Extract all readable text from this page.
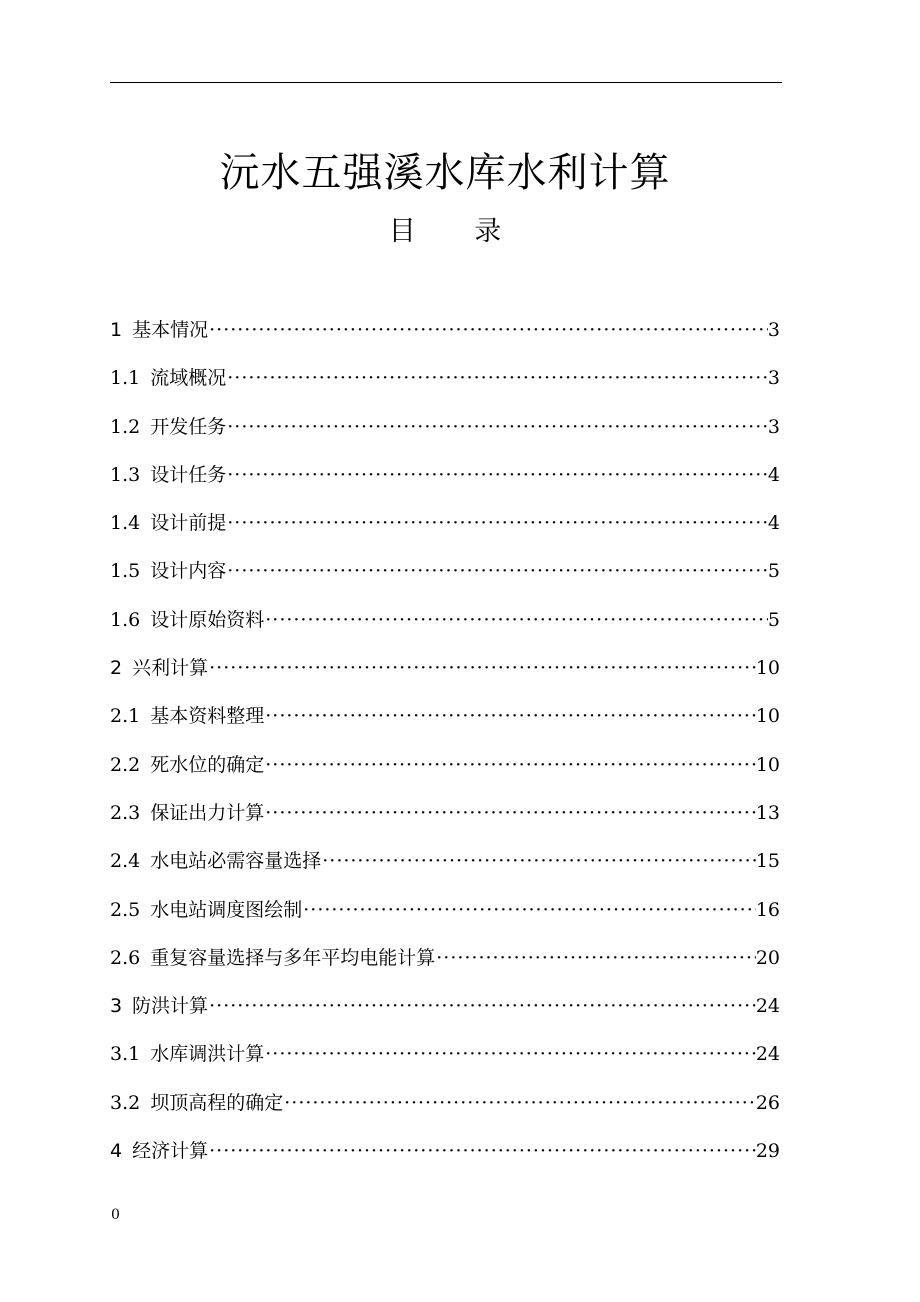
沅水五强溪水库水利计算
目 录
1 基本情况 ·····	3
1.1 流域概况 ·····	3
1.2 开发任务 ·····	3
1.3 设计任务 ·····	4
1.4 设计前提 ·····	4
1.5 设计内容 ·····	5
1.6 设计原始资料 ·····	5
2 兴利计算 ·····	10
2.1 基本资料整理 ·····	10
2.2 死水位的确定 ·····	10
2.3 保证出力计算 ·····	13
2.4 水电站必需容量选择 ·····	15
2.5 水电站调度图绘制 ·····	16
2.6 重复容量选择与多年平均电能计算 ·····	20
3 防洪计算 ·····	24
3.1 水库调洪计算 ·····	24
3.2 坝顶高程的确定 ·····	26
4 经济计算 ·····	29
0
